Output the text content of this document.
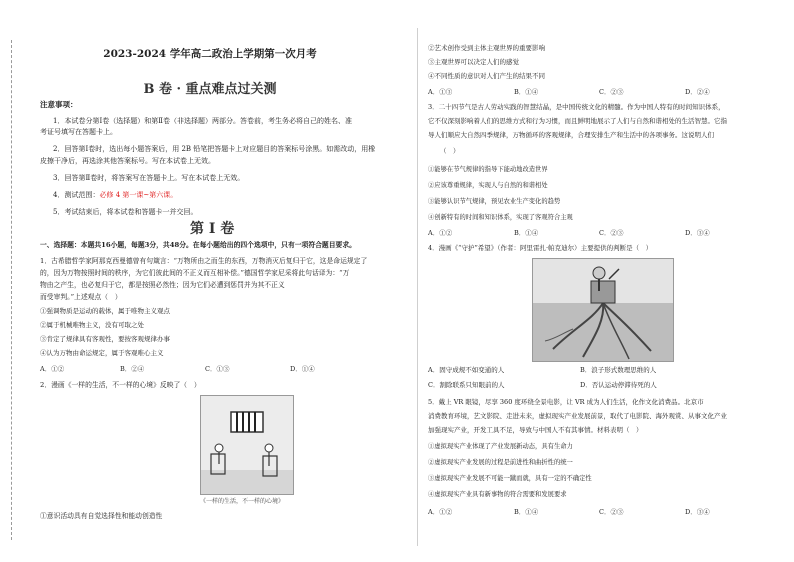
2023-2024 学年高二政治上学期第一次月考
B 卷 · 重点难点过关测
注意事项：
1．本试卷分第Ⅰ卷（选择题）和第Ⅱ卷（非选择题）两部分。答卷前，考生务必将自己的姓名、准
考证号填写在答题卡上。
2．回答第Ⅰ卷时，选出每小题答案后，用 2B 铅笔把答题卡上对应题目的答案标号涂黑。如需改动，用橡
皮擦干净后，再选涂其他答案标号。写在本试卷上无效。
3．回答第Ⅱ卷时，将答案写在答题卡上。写在本试卷上无效。
4．测试范围：必修 4 第一课~第六课。
5．考试结束后，将本试卷和答题卡一并交回。
第 Ⅰ 卷
一、选择题：本题共16小题，每题3分，共48分。在每小题给出的四个选项中，只有一项符合题目要求。
1．古希腊哲学家阿那克西曼德曾有句箴言：“万物所由之而生的东西，万物消灭后复归于它，这是命运规定了
的，因为万物按照时间的秩序，为它们彼此间的不正义而互相补偿。”德国哲学家尼采将此句话译为：“万
物由之产生，也必复归于它，都是按照必然性；因为它们必遭到惩罚并为其不正义
而受审判。”上述观点（　）
①强调物质是运动的载体，属于唯物主义观点
②属于机械唯物主义，没有可取之处
③肯定了规律具有客观性，要按客观规律办事
④认为万物由命运规定，属于客观唯心主义
A．①②	B．②④	C．①③	D．①④
2．漫画《一样的生活，不一样的心境》反映了（　）
《一样的生活，不一样的心境》
①意识活动具有自觉选择性和能动创造性
②艺术创作受到主体主观世界的重要影响
③主观世界可以决定人们的感觉
④不同性质的意识对人们产生的结果不同
A．①③	B．①④	C．②③	D．②④
3．二十四节气是古人劳动实践的智慧结晶，是中国传统文化的精髓。作为中国人特有的时间知识体系，
它不仅深刻影响着人们的思维方式和行为习惯，而且鲜明地展示了人们与自然和谐相处的生活智慧。它指
导人们顺应大自然四季规律，万物循环的客观规律，合理安排生产和生活中的各项事务。这说明人们
（　）
①能够在节气规律的指导下能动地改造世界
②应该尊重规律，实现人与自然的和谐相处
③能够认识节气规律，预见农业生产变化的趋势
④创新特有的时间和知识体系，实现了客观符合主观
A．①②	B．①④	C．②③	D．③④
4．漫画《“守护”希望》（作者：阿里雷扎·帕克迪尔）主要提供的判断是（　）
A．固守成规不如变通的人	B．浪子形式数理思维的人
C．割除联系只知眼前的人	D．否认运动停滞待死的人
5．戴上 VR 眼镜，尽享 360 度环绕全景电影，让 VR 成为人们生活，化作文化消费品。北京市
消费教育环境，艺文影院、走进未来，虚拟现实产业发展前景，取代了电影院、海外观赏、从事文化产业
加强现实产业，开发工具不足，导致与中国人不有其事情。材料表明（　）
①虚拟现实产业体现了产业发展新动态，具有生命力
②虚拟现实产业发展的过程是前进性和曲折性的统一
③虚拟现实产业发展不可能一蹴而就，具有一定的不确定性
④虚拟现实产业具有新事物的符合需要和发展要求
A．①②	B．①④	C．②③	D．③④
